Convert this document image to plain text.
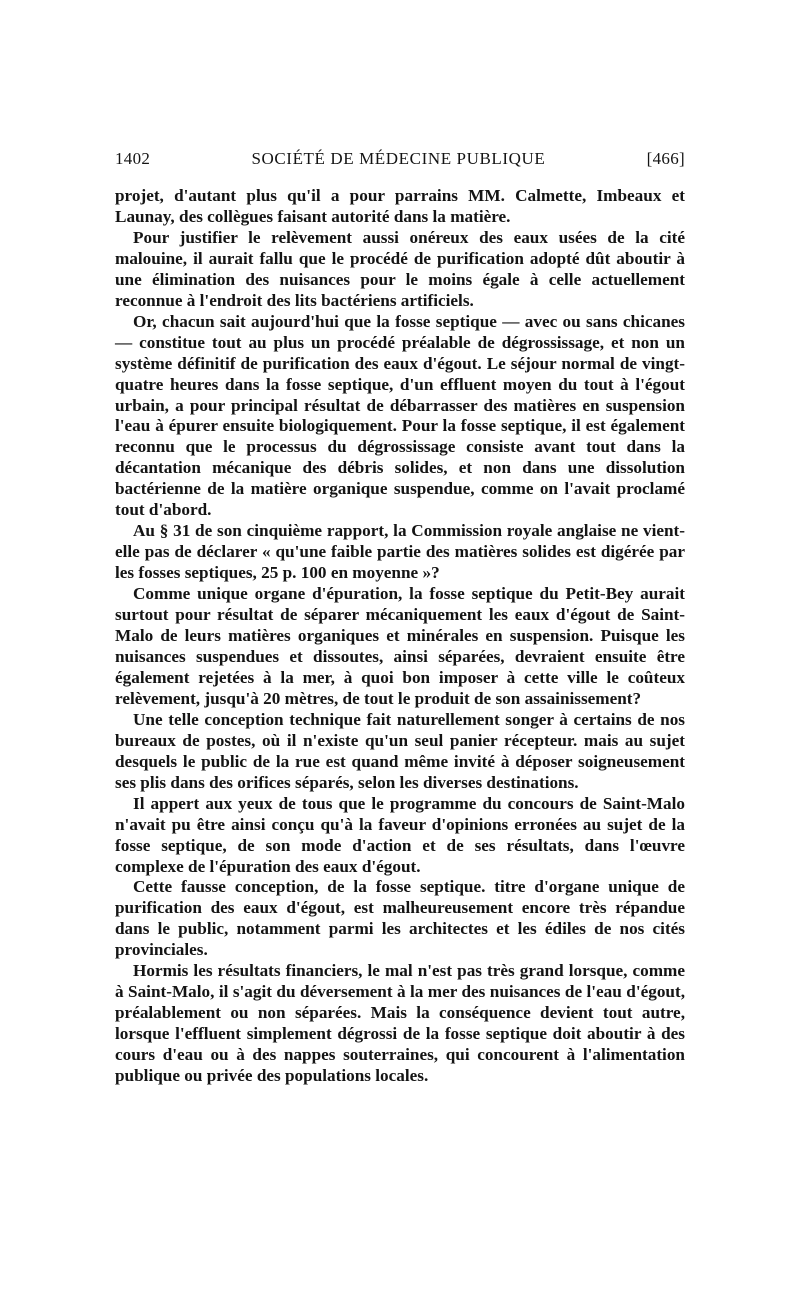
1402	SOCIÉTÉ DE MÉDECINE PUBLIQUE	[466]

projet, d'autant plus qu'il a pour parrains MM. Calmette, Imbeaux et Launay, des collègues faisant autorité dans la matière.

Pour justifier le relèvement aussi onéreux des eaux usées de la cité malouine, il aurait fallu que le procédé de purification adopté dût aboutir à une élimination des nuisances pour le moins égale à celle actuellement reconnue à l'endroit des lits bactériens artificiels.

Or, chacun sait aujourd'hui que la fosse septique — avec ou sans chicanes — constitue tout au plus un procédé préalable de dégrossissage, et non un système définitif de purification des eaux d'égout. Le séjour normal de vingt-quatre heures dans la fosse septique, d'un effluent moyen du tout à l'égout urbain, a pour principal résultat de débarrasser des matières en suspension l'eau à épurer ensuite biologiquement. Pour la fosse septique, il est également reconnu que le processus du dégrossissage consiste avant tout dans la décantation mécanique des débris solides, et non dans une dissolution bactérienne de la matière organique suspendue, comme on l'avait proclamé tout d'abord.

Au § 31 de son cinquième rapport, la Commission royale anglaise ne vient-elle pas de déclarer « qu'une faible partie des matières solides est digérée par les fosses septiques, 25 p. 100 en moyenne »?

Comme unique organe d'épuration, la fosse septique du Petit-Bey aurait surtout pour résultat de séparer mécaniquement les eaux d'égout de Saint-Malo de leurs matières organiques et minérales en suspension. Puisque les nuisances suspendues et dissoutes, ainsi séparées, devraient ensuite être également rejetées à la mer, à quoi bon imposer à cette ville le coûteux relèvement, jusqu'à 20 mètres, de tout le produit de son assainissement?

Une telle conception technique fait naturellement songer à certains de nos bureaux de postes, où il n'existe qu'un seul panier récepteur. mais au sujet desquels le public de la rue est quand même invité à déposer soigneusement ses plis dans des orifices séparés, selon les diverses destinations.

Il appert aux yeux de tous que le programme du concours de Saint-Malo n'avait pu être ainsi conçu qu'à la faveur d'opinions erronées au sujet de la fosse septique, de son mode d'action et de ses résultats, dans l'œuvre complexe de l'épuration des eaux d'égout.

Cette fausse conception, de la fosse septique. titre d'organe unique de purification des eaux d'égout, est malheureusement encore très répandue dans le public, notamment parmi les architectes et les édiles de nos cités provinciales.

Hormis les résultats financiers, le mal n'est pas très grand lorsque, comme à Saint-Malo, il s'agit du déversement à la mer des nuisances de l'eau d'égout, préalablement ou non séparées. Mais la conséquence devient tout autre, lorsque l'effluent simplement dégrossi de la fosse septique doit aboutir à des cours d'eau ou à des nappes souterraines, qui concourent à l'alimentation publique ou privée des populations locales.
